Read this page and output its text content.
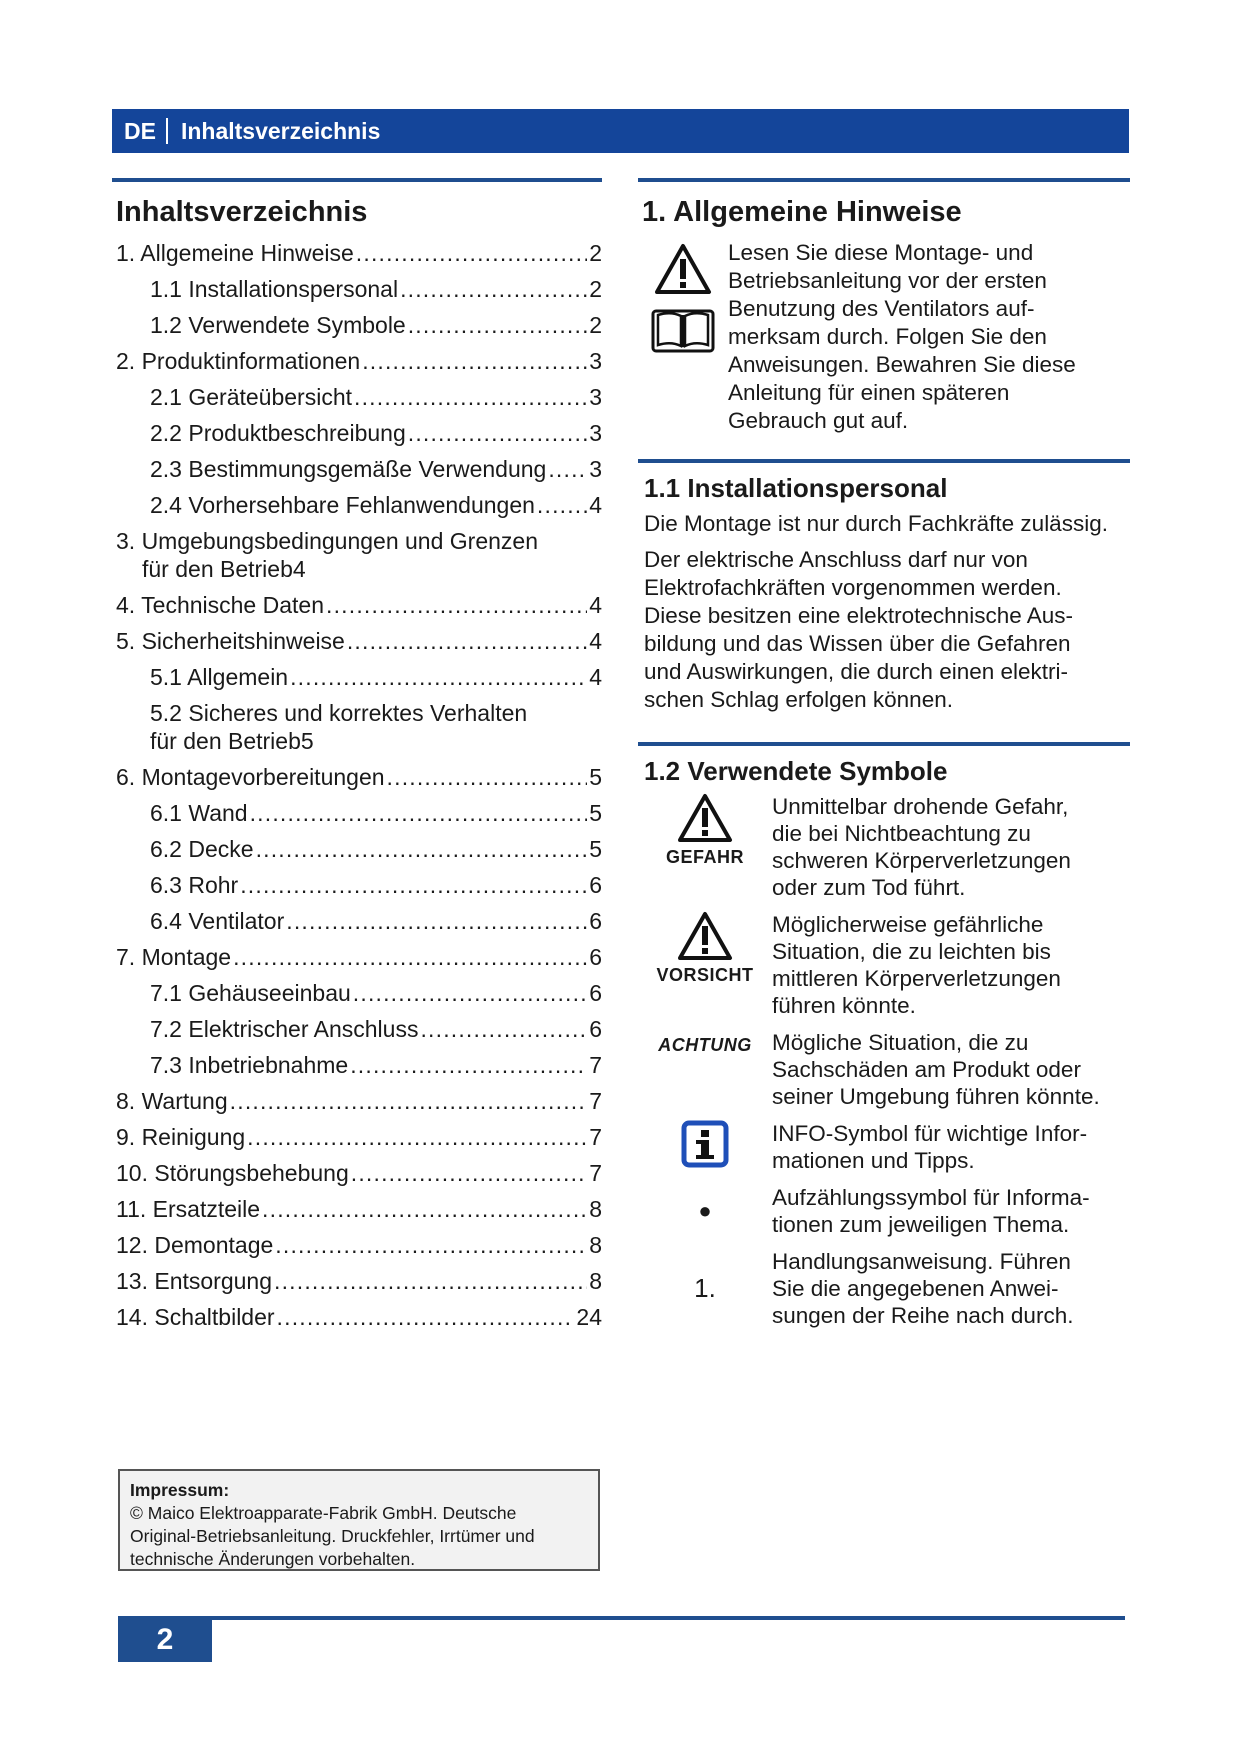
DE	Inhaltsverzeichnis
Inhaltsverzeichnis
1. Allgemeine Hinweise . . .	2
1.1 Installationspersonal . . .	2
1.2 Verwendete Symbole . . .	2
2. Produktinformationen . . .	3
2.1 Geräteübersicht . . .	3
2.2 Produktbeschreibung . . .	3
2.3 Bestimmungsgemäße Verwendung . . . 3
2.4 Vorhersehbare Fehlanwendungen . . . 4
3. Umgebungsbedingungen und Grenzen
für den Betrieb 4
4. Technische Daten . . .	4
5. Sicherheitshinweise . . .	4
5.1 Allgemein . . .	4
5.2 Sicheres und korrektes Verhalten
für den Betrieb 5
6. Montagevorbereitungen . . .	5
6.1 Wand . . .	5
6.2 Decke . . .	5
6.3 Rohr . . .	6
6.4 Ventilator . . .	6
7. Montage . . .	6
7.1 Gehäuseeinbau . . .	6
7.2 Elektrischer Anschluss . . .	6
7.3 Inbetriebnahme . . .	7
8. Wartung . . .	7
9. Reinigung . . .	7
10. Störungsbehebung . . .	7
11. Ersatzteile . . .	8
12. Demontage . . .	8
13. Entsorgung . . .	8
14. Schaltbilder . . .	24
1. Allgemeine Hinweise
Lesen Sie diese Montage- und
Betriebsanleitung vor der ersten
Benutzung des Ventilators auf-
merksam durch. Folgen Sie den
Anweisungen. Bewahren Sie diese
Anleitung für einen späteren
Gebrauch gut auf.
1.1 Installationspersonal
Die Montage ist nur durch Fachkräfte zulässig.
Der elektrische Anschluss darf nur von
Elektrofachkräften vorgenommen werden.
Diese besitzen eine elektrotechnische Aus-
bildung und das Wissen über die Gefahren
und Auswirkungen, die durch einen elektri-
schen Schlag erfolgen können.
1.2 Verwendete Symbole
GEFAHR
Unmittelbar drohende Gefahr,
die bei Nichtbeachtung zu
schweren Körperverletzungen
oder zum Tod führt.
VORSICHT
Möglicherweise gefährliche
Situation, die zu leichten bis
mittleren Körperverletzungen
führen könnte.
ACHTUNG Mögliche Situation, die zu
Sachschäden am Produkt oder
seiner Umgebung führen könnte.
INFO-Symbol für wichtige Infor-
mationen und Tipps.
●
Aufzählungssymbol für Informa-
tionen zum jeweiligen Thema.
1.
Handlungsanweisung. Führen
Sie die angegebenen Anwei-
sungen der Reihe nach durch.
Impressum:
© Maico Elektroapparate-Fabrik GmbH. Deutsche
Original-Betriebsanleitung. Druckfehler, Irrtümer und
technische Änderungen vorbehalten.
2
